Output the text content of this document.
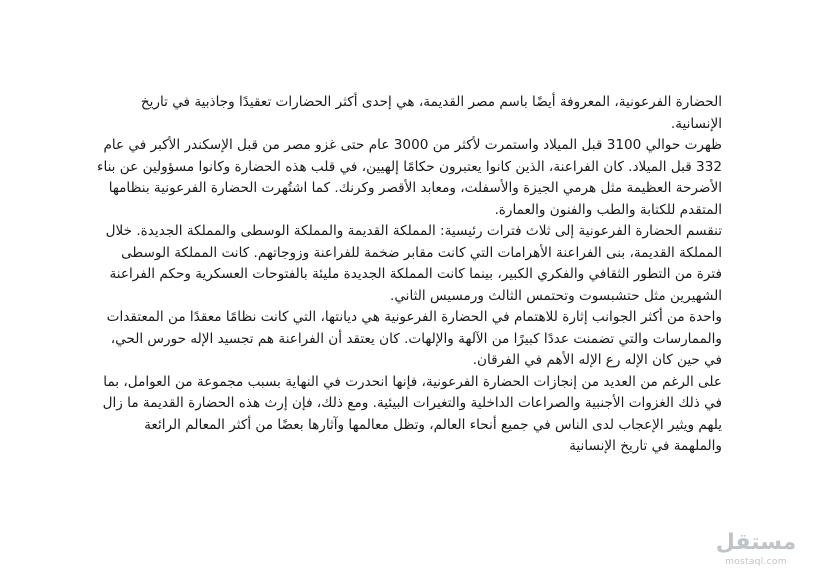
الحضارة الفرعونية، المعروفة أيضًا باسم مصر القديمة، هي إحدى أكثر الحضارات تعقيدًا وجاذبية في تاريخ الإنسانية.

ظهرت حوالي 3100 قبل الميلاد واستمرت لأكثر من 3000 عام حتى غزو مصر من قبل الإسكندر الأكبر في عام 332 قبل الميلاد. كان الفراعنة، الذين كانوا يعتبرون حكامًا إلهيين، في قلب هذه الحضارة وكانوا مسؤولين عن بناء الأضرحة العظيمة مثل هرمي الجيزة والأسفلت، ومعابد الأقصر وكرنك. كما اشتُهرت الحضارة الفرعونية بنظامها المتقدم للكتابة والطب والفنون والعمارة.

تنقسم الحضارة الفرعونية إلى ثلاث فترات رئيسية: المملكة القديمة والمملكة الوسطى والمملكة الجديدة. خلال المملكة القديمة، بنى الفراعنة الأهرامات التي كانت مقابر ضخمة للفراعنة وزوجاتهم. كانت المملكة الوسطى فترة من التطور الثقافي والفكري الكبير، بينما كانت المملكة الجديدة مليئة بالفتوحات العسكرية وحكم الفراعنة الشهيرين مثل حتشبسوت وتحتمس الثالث ورمسيس الثاني.

واحدة من أكثر الجوانب إثارة للاهتمام في الحضارة الفرعونية هي ديانتها، التي كانت نظامًا معقدًا من المعتقدات والممارسات والتي تضمنت عددًا كبيرًا من الآلهة والإلهات. كان يعتقد أن الفراعنة هم تجسيد الإله حورس الحي، في حين كان الإله رع الإله الأهم في الفرقان.

على الرغم من العديد من إنجازات الحضارة الفرعونية، فإنها انحدرت في النهاية بسبب مجموعة من العوامل، بما في ذلك الغزوات الأجنبية والصراعات الداخلية والتغيرات البيئية. ومع ذلك، فإن إرث هذه الحضارة القديمة ما زال يلهم ويثير الإعجاب لدى الناس في جميع أنحاء العالم، وتظل معالمها وآثارها بعضًا من أكثر المعالم الرائعة والملهمة في تاريخ الإنسانية

مستقل
mostaql.com
